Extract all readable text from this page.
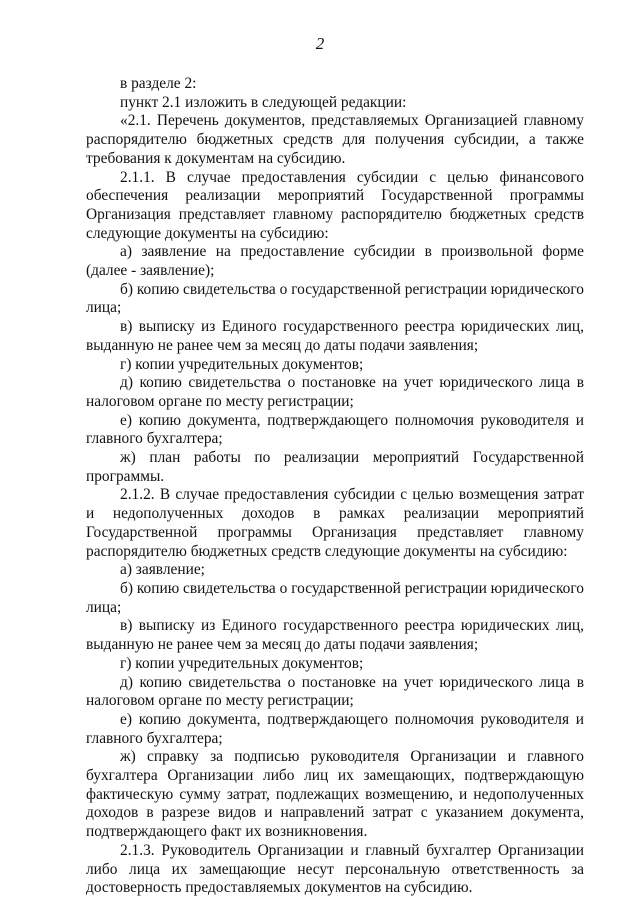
2

в разделе 2:

пункт 2.1 изложить в следующей редакции:

«2.1. Перечень документов, представляемых Организацией главному распорядителю бюджетных средств для получения субсидии, а также требования к документам на субсидию.

2.1.1. В случае предоставления субсидии с целью финансового обеспечения реализации мероприятий Государственной программы Организация представляет главному распорядителю бюджетных средств следующие документы на субсидию:

а) заявление на предоставление субсидии в произвольной форме (далее - заявление);

б) копию свидетельства о государственной регистрации юридического лица;

в) выписку из Единого государственного реестра юридических лиц, выданную не ранее чем за месяц до даты подачи заявления;

г) копии учредительных документов;

д) копию свидетельства о постановке на учет юридического лица в налоговом органе по месту регистрации;

е) копию документа, подтверждающего полномочия руководителя и главного бухгалтера;

ж) план работы по реализации мероприятий Государственной программы.

2.1.2. В случае предоставления субсидии с целью возмещения затрат и недополученных доходов в рамках реализации мероприятий Государственной программы Организация представляет главному распорядителю бюджетных средств следующие документы на субсидию:

а) заявление;

б) копию свидетельства о государственной регистрации юридического лица;

в) выписку из Единого государственного реестра юридических лиц, выданную не ранее чем за месяц до даты подачи заявления;

г) копии учредительных документов;

д) копию свидетельства о постановке на учет юридического лица в налоговом органе по месту регистрации;

е) копию документа, подтверждающего полномочия руководителя и главного бухгалтера;

ж) справку за подписью руководителя Организации и главного бухгалтера Организации либо лиц их замещающих, подтверждающую фактическую сумму затрат, подлежащих возмещению, и недополученных доходов в разрезе видов и направлений затрат с указанием документа, подтверждающего факт их возникновения.

2.1.3. Руководитель Организации и главный бухгалтер Организации либо лица их замещающие несут персональную ответственность за достоверность предоставляемых документов на субсидию.
